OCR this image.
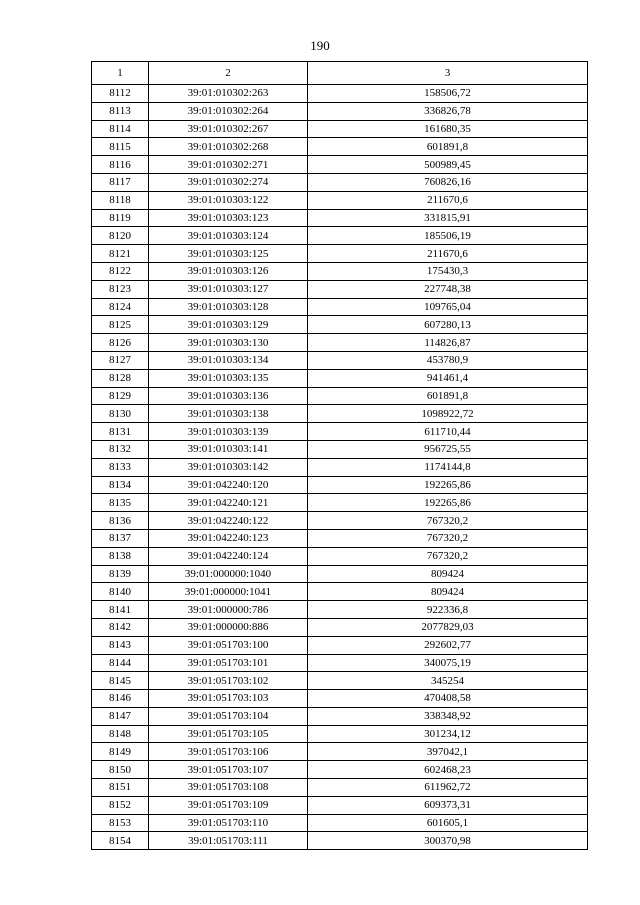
190
1	2	3
8112	39:01:010302:263	158506,72
8113	39:01:010302:264	336826,78
8114	39:01:010302:267	161680,35
8115	39:01:010302:268	601891,8
8116	39:01:010302:271	500989,45
8117	39:01:010302:274	760826,16
8118	39:01:010303:122	211670,6
8119	39:01:010303:123	331815,91
8120	39:01:010303:124	185506,19
8121	39:01:010303:125	211670,6
8122	39:01:010303:126	175430,3
8123	39:01:010303:127	227748,38
8124	39:01:010303:128	109765,04
8125	39:01:010303:129	607280,13
8126	39:01:010303:130	114826,87
8127	39:01:010303:134	453780,9
8128	39:01:010303:135	941461,4
8129	39:01:010303:136	601891,8
8130	39:01:010303:138	1098922,72
8131	39:01:010303:139	611710,44
8132	39:01:010303:141	956725,55
8133	39:01:010303:142	1174144,8
8134	39:01:042240:120	192265,86
8135	39:01:042240:121	192265,86
8136	39:01:042240:122	767320,2
8137	39:01:042240:123	767320,2
8138	39:01:042240:124	767320,2
8139	39:01:000000:1040	809424
8140	39:01:000000:1041	809424
8141	39:01:000000:786	922336,8
8142	39:01:000000:886	2077829,03
8143	39:01:051703:100	292602,77
8144	39:01:051703:101	340075,19
8145	39:01:051703:102	345254
8146	39:01:051703:103	470408,58
8147	39:01:051703:104	338348,92
8148	39:01:051703:105	301234,12
8149	39:01:051703:106	397042,1
8150	39:01:051703:107	602468,23
8151	39:01:051703:108	611962,72
8152	39:01:051703:109	609373,31
8153	39:01:051703:110	601605,1
8154	39:01:051703:111	300370,98
